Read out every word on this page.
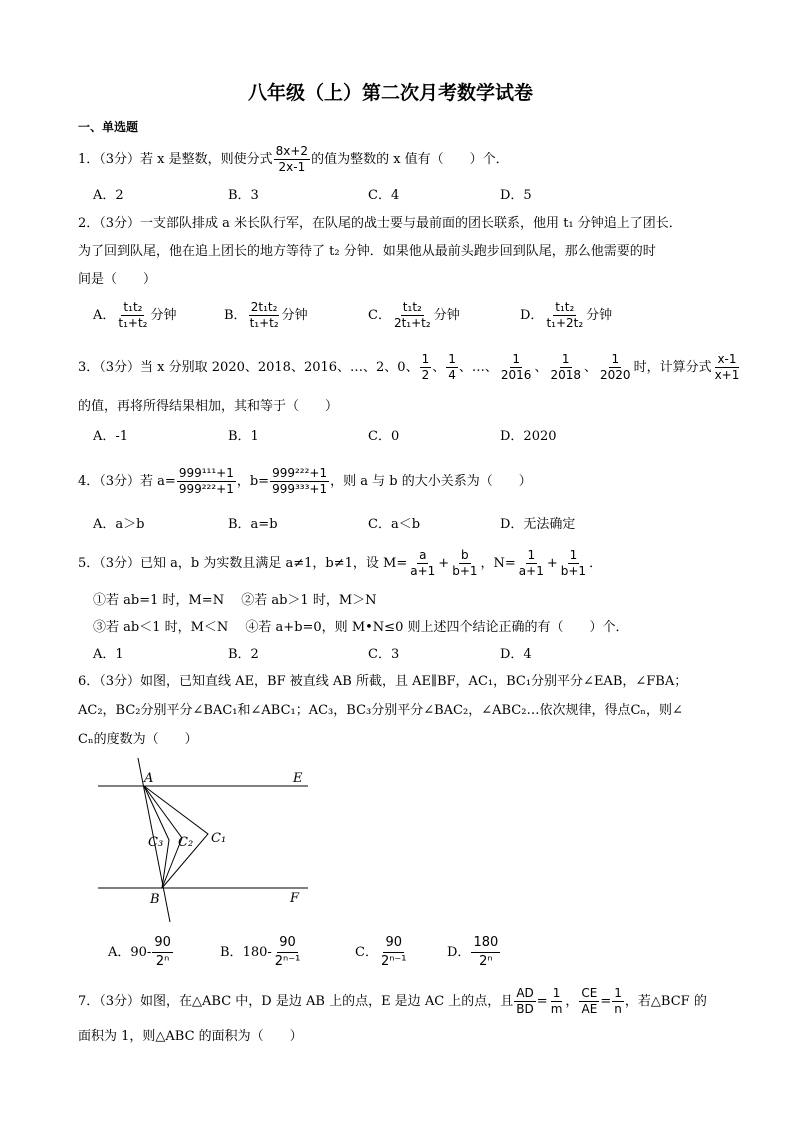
八年级（上）第二次月考数学试卷
一、单选题
1．（3分）若 x 是整数，则使分式 $\frac{8x+2}{2x-1}$ 的值为整数的 x 值有（　　）个．
A．2	B．3	C．4	D．5
2．（3分）一支部队排成 a 米长队行军，在队尾的战士要与最前面的团长联系，他用 t₁ 分钟追上了团长．
为了回到队尾，他在追上团长的地方等待了 t₂ 分钟．如果他从最前头跑步回到队尾，那么他需要的时
间是（　　）
A． $\frac{\text{t₁t₂}}{\text{t₁+t₂}}$ 分钟	B． $\frac{\text{2t₁t₂}}{\text{t₁+t₂}}$ 分钟	C． $\frac{\text{t₁t₂}}{\text{2t₁+t₂}}$ 分钟	D． $\frac{\text{t₁t₂}}{\text{t₁+2t₂}}$ 分钟
3．（3分）当 x 分别取 2020、2018、2016、…、2、0、 $\frac{1}{2}$ 、 $\frac{1}{4}$ 、…、 $\frac{1}{2016}$ 、 $\frac{1}{2018}$ 、 $\frac{1}{2020}$ 时，计算分式 $\frac{x-1}{x+1}$
的值，再将所得结果相加，其和等于（　　）
A．-1	B．1	C．0	D．2020
4．（3分）若 $a= \frac{\text{999¹¹¹+1}}{\text{999²²²+1}}$ ，$b= \frac{\text{999²²²+1}}{\text{999³³³+1}}$ ，则 a 与 b 的大小关系为（　　）
A．a＞b	B．a=b	C．a＜b	D．无法确定
5．（3分）已知 a，b 为实数且满足 a≠1，b≠1，设 $M= \frac{a}{a+1} + \frac{b}{b+1}$ ，$N= \frac{1}{a+1} + \frac{1}{b+1}$ ．
①若 ab=1 时，M=N　 ②若 ab＞1 时，M＞N
③若 ab＜1 时，M＜N　 ④若 a+b=0，则 M•N≤0 则上述四个结论正确的有（　　）个．
A．1	B．2	C．3	D．4
6．（3分）如图，已知直线 AE，BF 被直线 AB 所截，且 AE∥BF，AC₁，BC₁分别平分∠EAB，∠FBA；
AC₂，BC₂分别平分∠BAC₁和∠ABC₁；AC₃，BC₃分别平分∠BAC₂，∠ABC₂…依次规律，得点Cₙ，则∠
Cₙ的度数为（　　）
A	E
B	F
C₁
C₂
C₃
A．$90- \frac{90}{\text{2ⁿ}}$	B．$180- \frac{90}{\text{2ⁿ⁻¹}}$	C． $\frac{90}{\text{2ⁿ⁻¹}}$	D． $\frac{180}{\text{2ⁿ}}$
7．（3分）如图，在△ABC 中，D 是边 AB 上的点，E 是边 AC 上的点，且 $\frac{AD}{BD} = \frac{1}{m}$ ， $\frac{CE}{AE} = \frac{1}{n}$ ，若△BCF 的
面积为 1，则△ABC 的面积为（　　）
